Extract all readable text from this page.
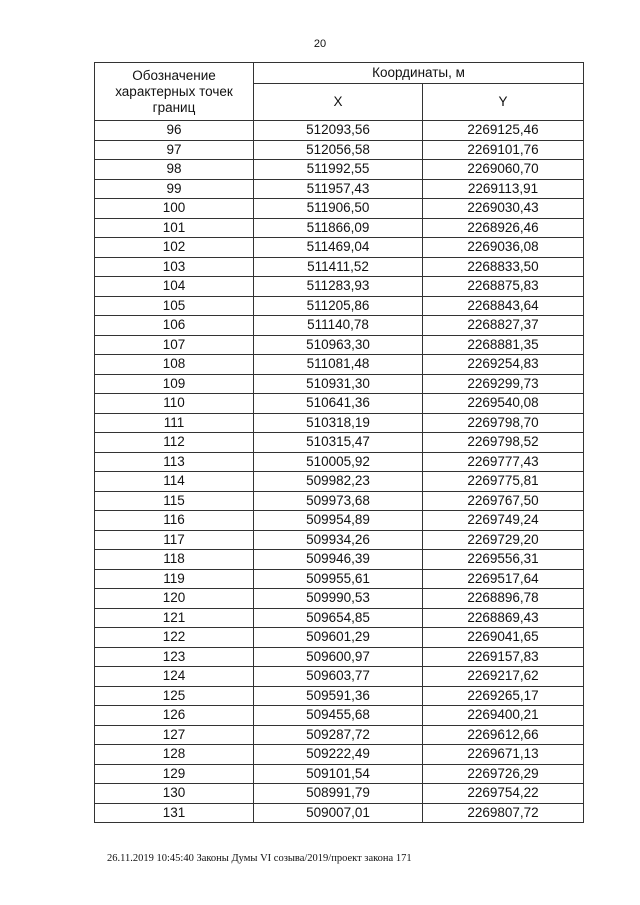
20
Обозначение характерных точек границ	Координаты, м	
	X	Y
96	512093,56	2269125,46
97	512056,58	2269101,76
98	511992,55	2269060,70
99	511957,43	2269113,91
100	511906,50	2269030,43
101	511866,09	2268926,46
102	511469,04	2269036,08
103	511411,52	2268833,50
104	511283,93	2268875,83
105	511205,86	2268843,64
106	511140,78	2268827,37
107	510963,30	2268881,35
108	511081,48	2269254,83
109	510931,30	2269299,73
110	510641,36	2269540,08
111	510318,19	2269798,70
112	510315,47	2269798,52
113	510005,92	2269777,43
114	509982,23	2269775,81
115	509973,68	2269767,50
116	509954,89	2269749,24
117	509934,26	2269729,20
118	509946,39	2269556,31
119	509955,61	2269517,64
120	509990,53	2268896,78
121	509654,85	2268869,43
122	509601,29	2269041,65
123	509600,97	2269157,83
124	509603,77	2269217,62
125	509591,36	2269265,17
126	509455,68	2269400,21
127	509287,72	2269612,66
128	509222,49	2269671,13
129	509101,54	2269726,29
130	508991,79	2269754,22
131	509007,01	2269807,72
26.11.2019 10:45:40 Законы Думы VI созыва/2019/проект закона 171
